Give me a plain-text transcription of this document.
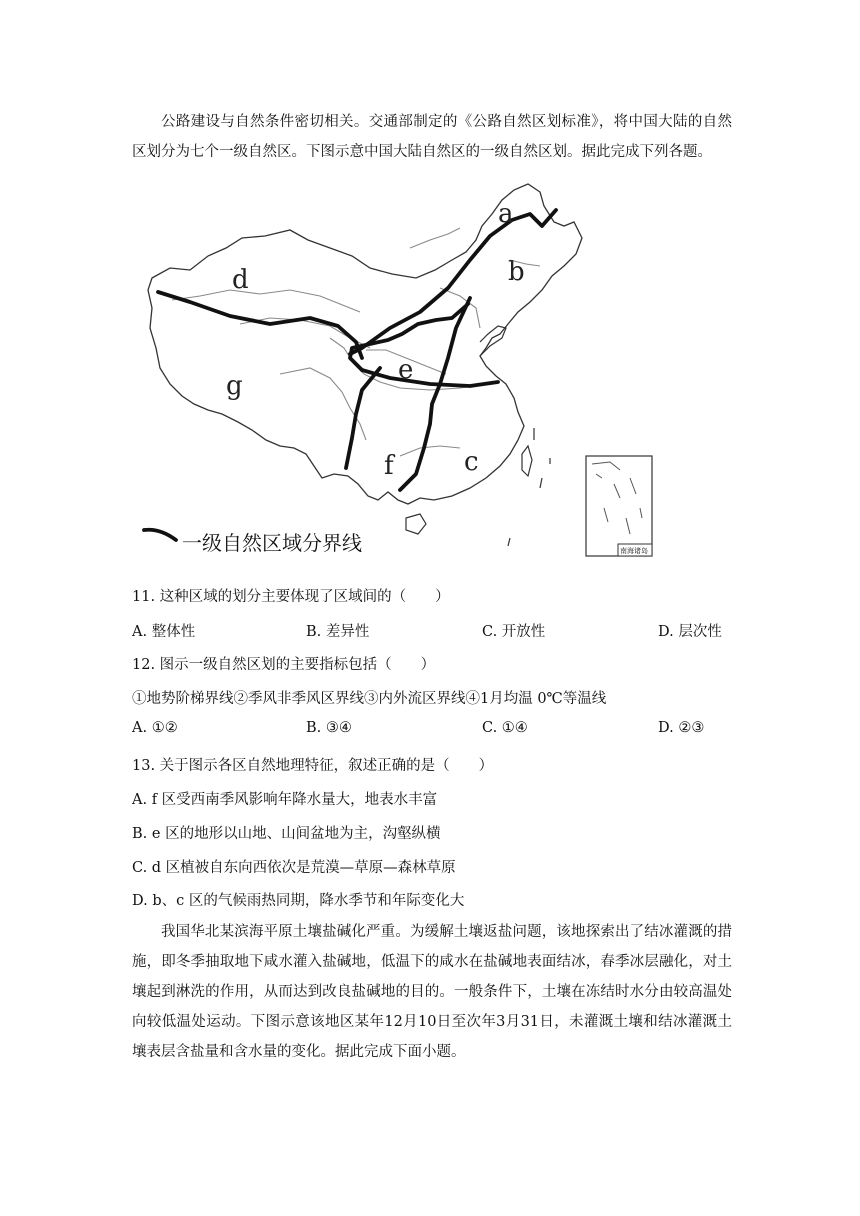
公路建设与自然条件密切相关。交通部制定的《公路自然区划标准》，将中国大陆的自然区划分为七个一级自然区。下图示意中国大陆自然区的一级自然区划。据此完成下列各题。

a
b
c
d
e
f
g
南海诸岛
一级自然区域分界线
11. 这种区域的划分主要体现了区域间的（　　）
A. 整体性	B. 差异性	C. 开放性	D. 层次性
12. 图示一级自然区划的主要指标包括（　　）
①地势阶梯界线②季风非季风区界线③内外流区界线④1月均温 0℃等温线
A. ①②	B. ③④	C. ①④	D. ②③
13. 关于图示各区自然地理特征，叙述正确的是（　　）
A. f 区受西南季风影响年降水量大，地表水丰富
B. e 区的地形以山地、山间盆地为主，沟壑纵横
C. d 区植被自东向西依次是荒漠—草原—森林草原
D. b、c 区的气候雨热同期，降水季节和年际变化大

我国华北某滨海平原土壤盐碱化严重。为缓解土壤返盐问题，该地探索出了结冰灌溉的措施，即冬季抽取地下咸水灌入盐碱地，低温下的咸水在盐碱地表面结冰，春季冰层融化，对土壤起到淋洗的作用，从而达到改良盐碱地的目的。一般条件下，土壤在冻结时水分由较高温处向较低温处运动。下图示意该地区某年12月10日至次年3月31日，未灌溉土壤和结冰灌溉土壤表层含盐量和含水量的变化。据此完成下面小题。
